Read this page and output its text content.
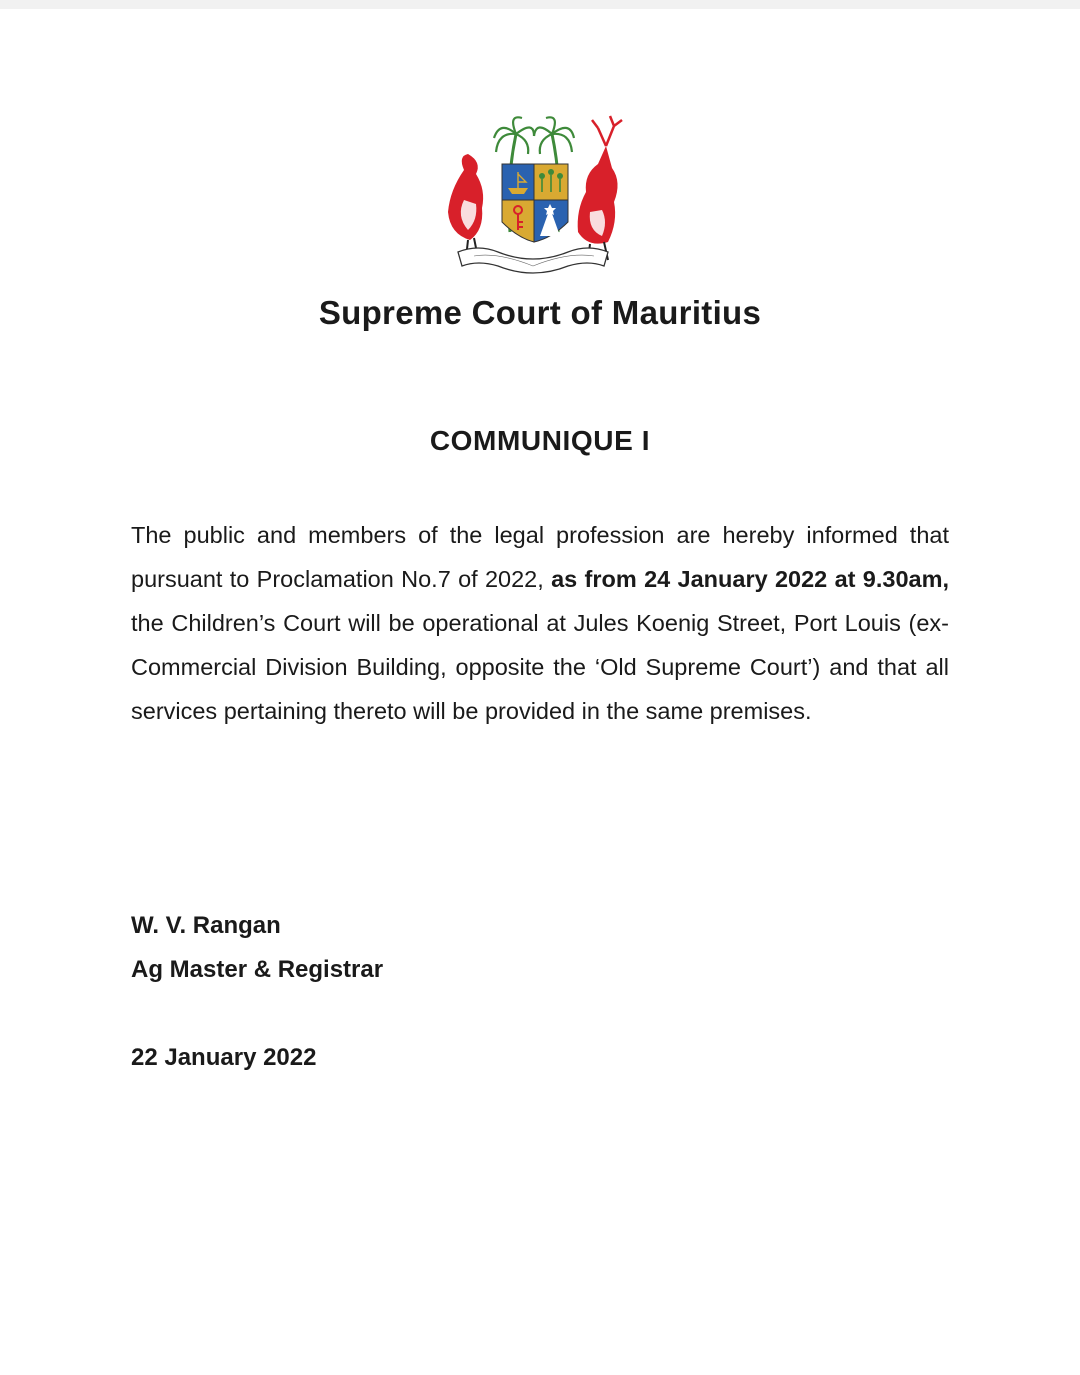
Supreme Court of Mauritius
COMMUNIQUE I
The public and members of the legal profession are hereby informed that pursuant to Proclamation No.7 of 2022, as from 24 January 2022 at 9.30am, the Children’s Court will be operational at Jules Koenig Street, Port Louis (ex-Commercial Division Building, opposite the ‘Old Supreme Court’) and that all services pertaining thereto will be provided in the same premises.
W. V. Rangan
Ag Master & Registrar
22 January 2022
